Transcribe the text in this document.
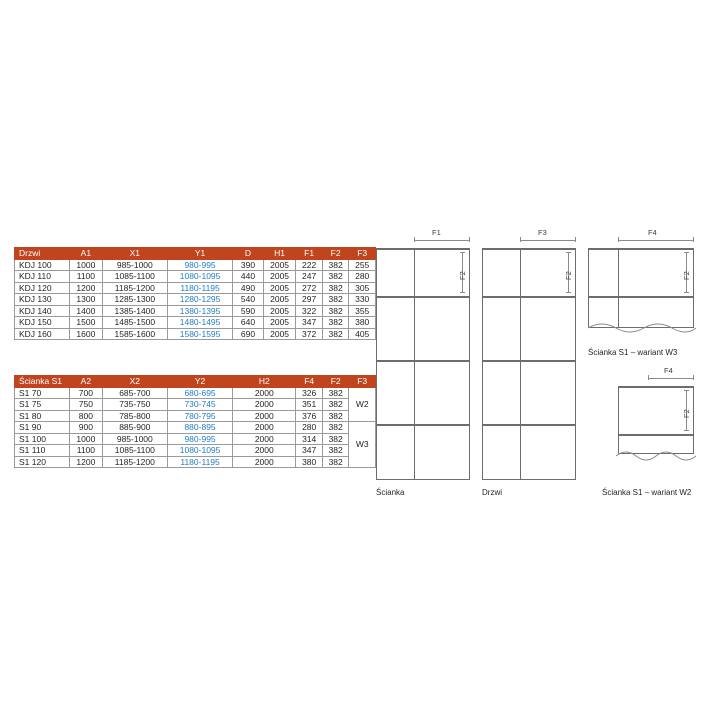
Drzwi	A1	X1	Y1	D	H1	F1	F2	F3
KDJ 100	1000	985-1000	980-995	390	2005	222	382	255
KDJ 110	1100	1085-1100	1080-1095	440	2005	247	382	280
KDJ 120	1200	1185-1200	1180-1195	490	2005	272	382	305
KDJ 130	1300	1285-1300	1280-1295	540	2005	297	382	330
KDJ 140	1400	1385-1400	1380-1395	590	2005	322	382	355
KDJ 150	1500	1485-1500	1480-1495	640	2005	347	382	380
KDJ 160	1600	1585-1600	1580-1595	690	2005	372	382	405
Ścianka S1	A2	X2	Y2	H2	F4	F2	F3
S1 70	700	685-700	680-695	2000	326	382	W2
S1 75	750	735-750	730-745	2000	351	382	
S1 80	800	785-800	780-795	2000	376	382	
S1 90	900	885-900	880-895	2000	280	382	W3
S1 100	1000	985-1000	980-995	2000	314	382	
S1 110	1100	1085-1100	1080-1095	2000	347	382	
S1 120	1200	1185-1200	1180-1195	2000	380	382	
F1
F2
Ścianka
F3
F2
Drzwi
F4
F2
Ścianka S1 – wariant W3
F4
F2
Ścianka S1 – wariant W2
